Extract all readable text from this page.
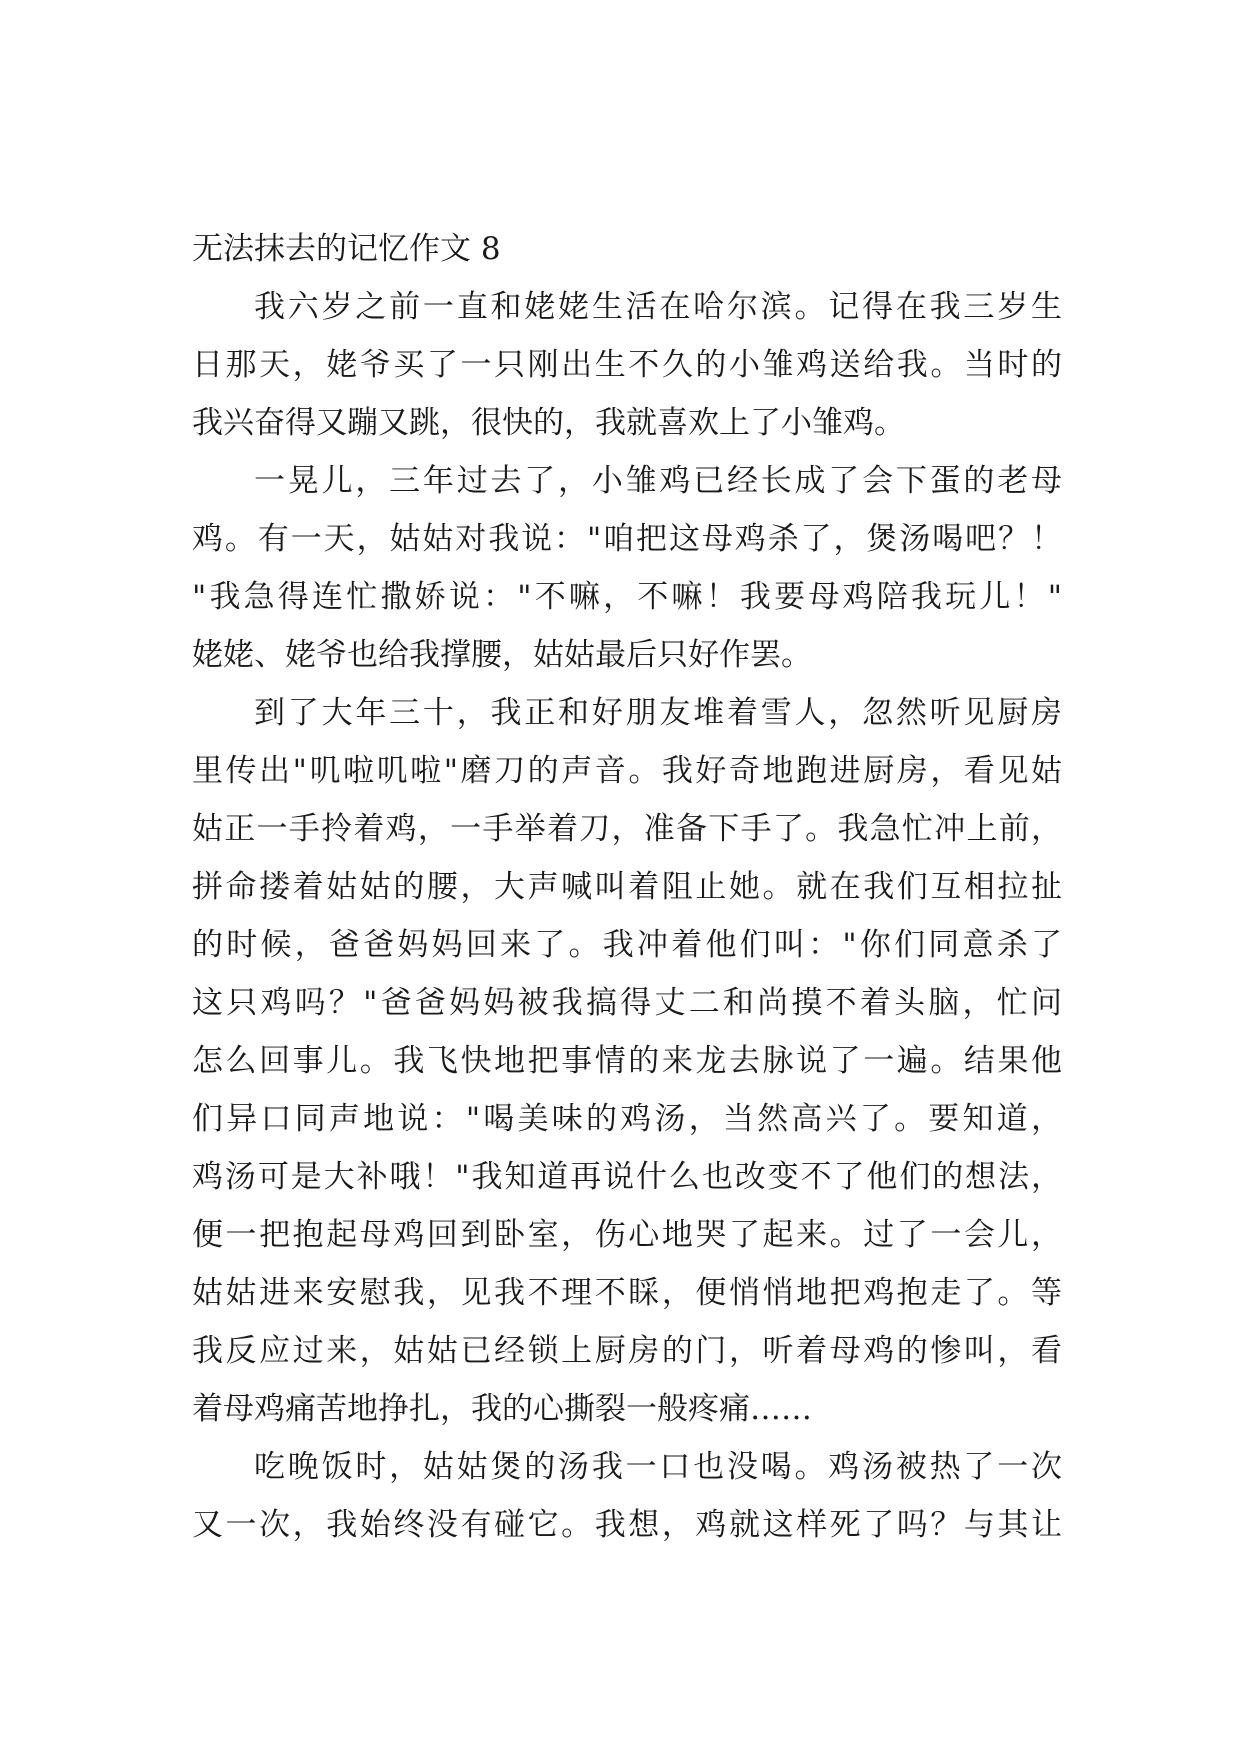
无法抹去的记忆作文 8
我六岁之前一直和姥姥生活在哈尔滨。记得在我三岁生
日那天，姥爷买了一只刚出生不久的小雏鸡送给我。当时的
我兴奋得又蹦又跳，很快的，我就喜欢上了小雏鸡。
一晃儿，三年过去了，小雏鸡已经长成了会下蛋的老母
鸡。有一天，姑姑对我说："咱把这母鸡杀了，煲汤喝吧？！
"我急得连忙撒娇说："不嘛，不嘛！我要母鸡陪我玩儿！"
姥姥、姥爷也给我撑腰，姑姑最后只好作罢。
到了大年三十，我正和好朋友堆着雪人，忽然听见厨房
里传出"叽啦叽啦"磨刀的声音。我好奇地跑进厨房，看见姑
姑正一手拎着鸡，一手举着刀，准备下手了。我急忙冲上前，
拼命搂着姑姑的腰，大声喊叫着阻止她。就在我们互相拉扯
的时候，爸爸妈妈回来了。我冲着他们叫："你们同意杀了
这只鸡吗？"爸爸妈妈被我搞得丈二和尚摸不着头脑，忙问
怎么回事儿。我飞快地把事情的来龙去脉说了一遍。结果他
们异口同声地说："喝美味的鸡汤，当然高兴了。要知道，
鸡汤可是大补哦！"我知道再说什么也改变不了他们的想法，
便一把抱起母鸡回到卧室，伤心地哭了起来。过了一会儿，
姑姑进来安慰我，见我不理不睬，便悄悄地把鸡抱走了。等
我反应过来，姑姑已经锁上厨房的门，听着母鸡的惨叫，看
着母鸡痛苦地挣扎，我的心撕裂一般疼痛……
吃晚饭时，姑姑煲的汤我一口也没喝。鸡汤被热了一次
又一次，我始终没有碰它。我想，鸡就这样死了吗？与其让
